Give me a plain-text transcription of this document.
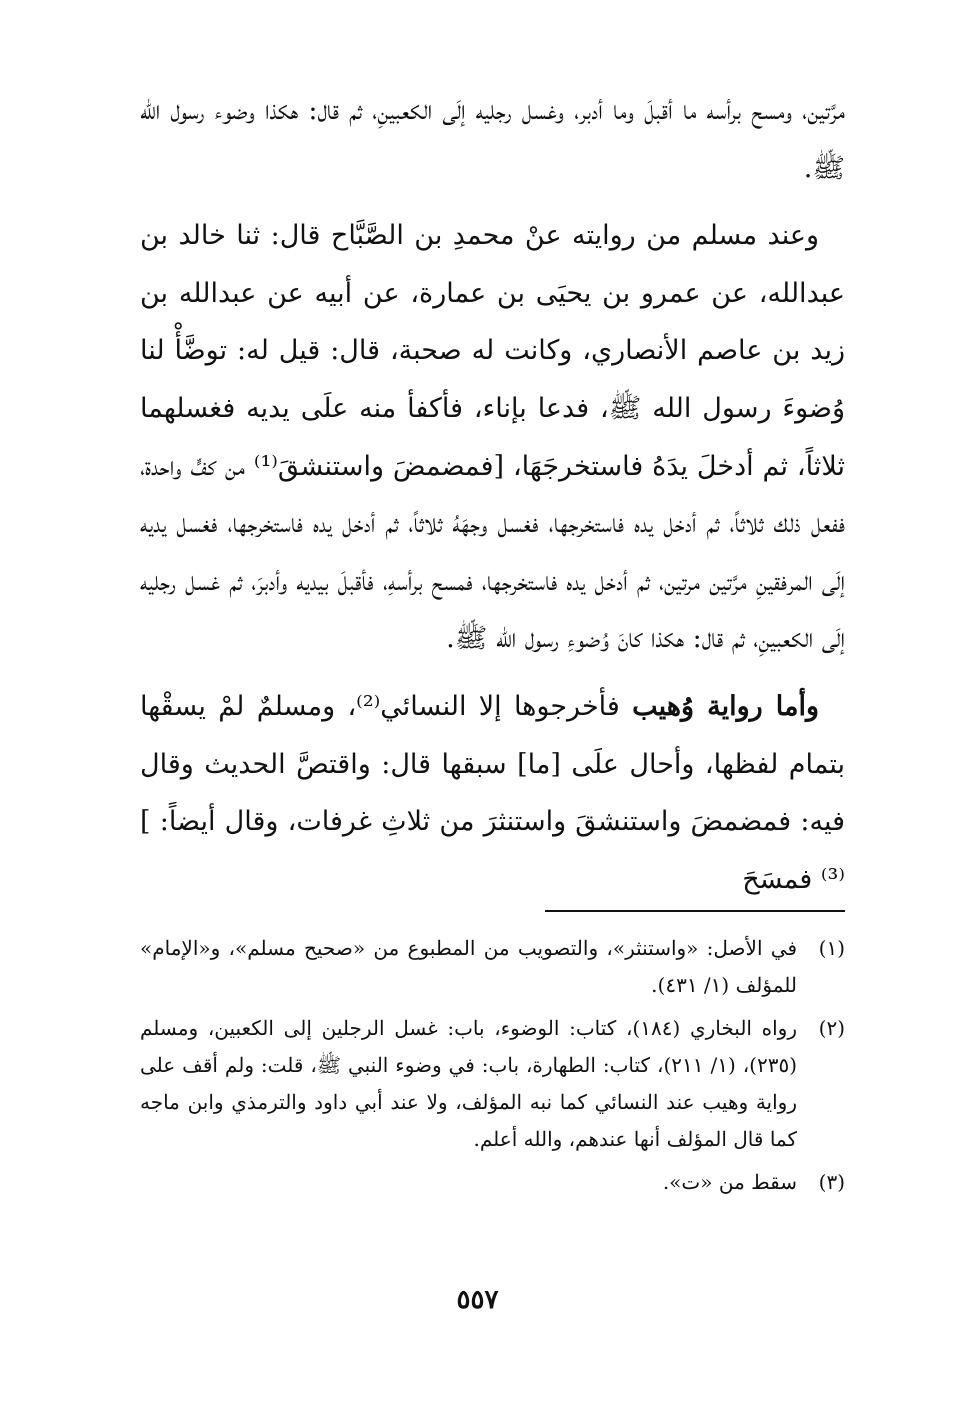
مرَّتين، ومسح برأسه ما أقبلَ وما أدبر، وغسل رجليه إلَى الكعبينِ، ثم قال: هكذا وضوء رسول الله ﷺ.

وعند مسلم من روايته عنْ محمدِ بن الصَّبَّاح قال: ثنا خالد بن عبدالله، عن عمرو بن يحيَى بن عمارة، عن أبيه عن عبدالله بن زيد بن عاصم الأنصاري، وكانت له صحبة، قال: قيل له: توضَّأْ لنا وُضوءَ رسول الله ﷺ، فدعا بإناء، فأكفأ منه علَى يديه فغسلهما ثلاثاً، ثم أدخلَ يدَهُ فاستخرجَهَا، [فمضمضَ واستنشقَ⁽¹⁾ من كفٍّ واحدة، ففعل ذلك ثلاثاً، ثم أدخل يده فاستخرجها، فغسل وجهَهُ ثلاثاً، ثم أدخل يده فاستخرجها، فغسل يديه إلَى المرفقينِ مرَّتين مرتين، ثم أدخل يده فاستخرجها، فمسح برأسهِ، فأقبلَ بيديه وأدبرَ، ثم غسل رجليه إلَى الكعبينِ، ثم قال: هكذا كانَ وُضوءِ رسول الله ﷺ.

وأما رواية وُهيب فأخرجوها إلا النسائي⁽²⁾، ومسلمٌ لمْ يسقْها بتمام لفظها، وأحال علَى [ما] سبقها قال: واقتصَّ الحديث وقال فيه: فمضمضَ واستنشقَ واستنثرَ من ثلاثِ غرفات، وقال أيضاً: ]⁽³⁾ فمسَحَ

(١)
في الأصل: «واستنثر»، والتصويب من المطبوع من «صحيح مسلم»، و«الإمام» للمؤلف (١/ ٤٣١).
(٢)
رواه البخاري (١٨٤)، كتاب: الوضوء، باب: غسل الرجلين إلى الكعبين، ومسلم (٢٣٥)، (١/ ٢١١)، كتاب: الطهارة، باب: في وضوء النبي ﷺ، قلت: ولم أقف على رواية وهيب عند النسائي كما نبه المؤلف، ولا عند أبي داود والترمذي وابن ماجه كما قال المؤلف أنها عندهم، والله أعلم.
(٣)
سقط من «ت».
٥٥٧
